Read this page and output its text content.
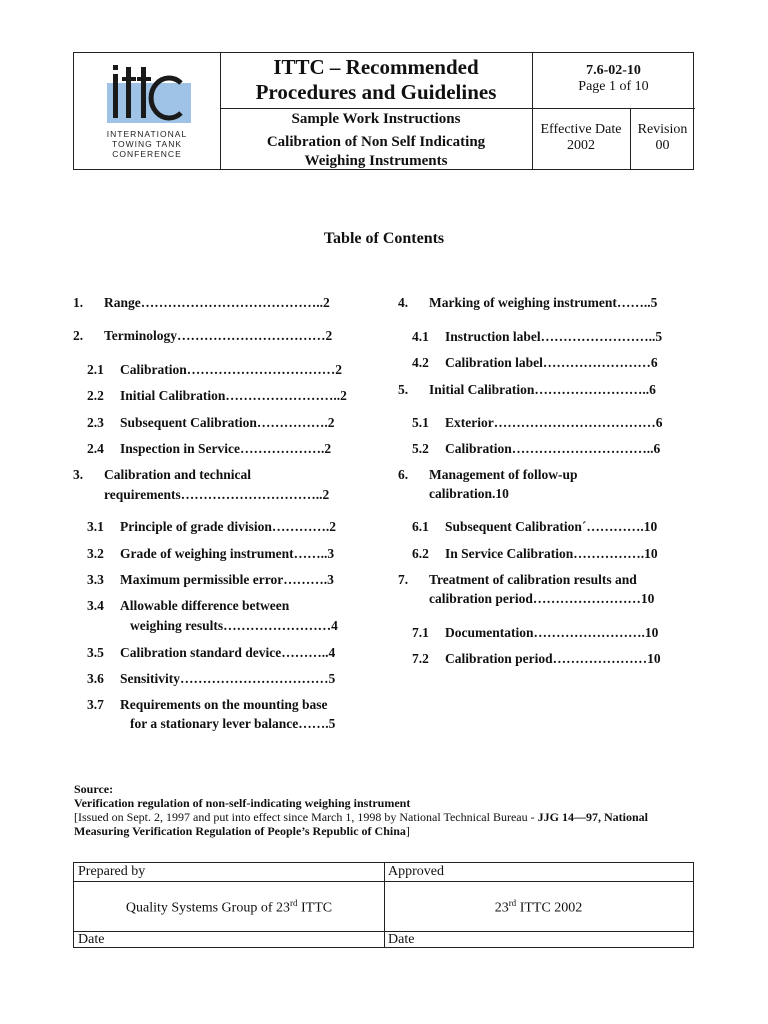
INTERNATIONAL
TOWING TANK
CONFERENCE
ITTC – Recommended
Procedures and Guidelines
Sample Work Instructions
Calibration of Non Self Indicating
Weighing Instruments
7.6-02-10
Page 1 of 10
Effective Date
2002
Revision
00
Table of Contents
1. Range…………………………………..2
2. Terminology……………………………2
2.1 Calibration……………………………2
2.2 Initial Calibration……………………..2
2.3 Subsequent Calibration…………….2
2.4 Inspection in Service……………….2
3. Calibration and technical
requirements…………………………..2
3.1 Principle of grade division………….2
3.2 Grade of weighing instrument……..3
3.3 Maximum permissible error……….3
3.4 Allowable difference between
weighing results……………………4
3.5 Calibration standard device………..4
3.6 Sensitivity……………………………5
3.7 Requirements on the mounting base
for a stationary lever balance…….5
4. Marking of weighing instrument……..5
4.1 Instruction label……………………..5
4.2 Calibration label……………………6
5. Initial Calibration……………………..6
5.1 Exterior………………………………6
5.2 Calibration…………………………..6
6. Management of follow-up
calibration.10
6.1 Subsequent Calibration´………….10
6.2 In Service Calibration…………….10
7. Treatment of calibration results and
calibration period……………………10
7.1 Documentation…………………….10
7.2 Calibration period…………………10
Source:
Verification regulation of non-self-indicating weighing instrument
[Issued on Sept. 2, 1997 and put into effect since March 1, 1998 by National Technical Bureau - JJG 14—97, National Measuring Verification Regulation of People’s Republic of China]
Prepared by	Approved
Quality Systems Group of 23rd ITTC	23rd ITTC 2002
Date	Date
